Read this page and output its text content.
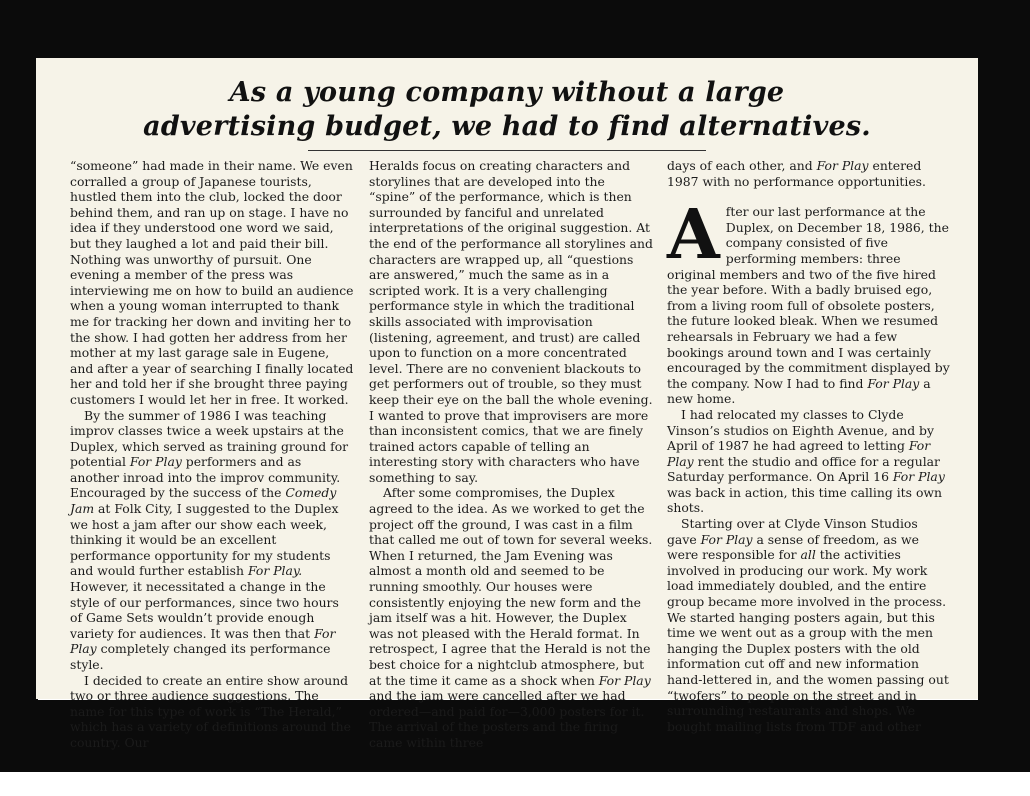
As a young company without a large
advertising budget, we had to find alternatives.

“someone” had made in their name. We even corralled a group of Japanese tourists, hustled them into the club, locked the door behind them, and ran up on stage. I have no idea if they understood one word we said, but they laughed a lot and paid their bill. Nothing was unworthy of pursuit. One evening a member of the press was interviewing me on how to build an audience when a young woman interrupted to thank me for tracking her down and inviting her to the show. I had gotten her address from her mother at my last garage sale in Eugene, and after a year of searching I finally located her and told her if she brought three paying customers I would let her in free. It worked.

By the summer of 1986 I was teaching improv classes twice a week upstairs at the Duplex, which served as training ground for potential For Play performers and as another inroad into the improv community. Encouraged by the success of the Comedy Jam at Folk City, I suggested to the Duplex we host a jam after our show each week, thinking it would be an excellent performance opportunity for my students and would further establish For Play. However, it necessitated a change in the style of our performances, since two hours of Game Sets wouldn’t provide enough variety for audiences. It was then that For Play completely changed its performance style.

I decided to create an entire show around two or three audience suggestions. The name for this type of work is “The Herald,” which has a variety of definitions around the country. Our

Heralds focus on creating characters and storylines that are developed into the “spine” of the performance, which is then surrounded by fanciful and unrelated interpretations of the original suggestion. At the end of the performance all storylines and characters are wrapped up, all “questions are answered,” much the same as in a scripted work. It is a very challenging performance style in which the traditional skills associated with improvisation (listening, agreement, and trust) are called upon to function on a more concentrated level. There are no convenient blackouts to get performers out of trouble, so they must keep their eye on the ball the whole evening. I wanted to prove that improvisers are more than inconsistent comics, that we are finely trained actors capable of telling an interesting story with characters who have something to say.

After some compromises, the Duplex agreed to the idea. As we worked to get the project off the ground, I was cast in a film that called me out of town for several weeks. When I returned, the Jam Evening was almost a month old and seemed to be running smoothly. Our houses were consistently enjoying the new form and the jam itself was a hit. However, the Duplex was not pleased with the Herald format. In retrospect, I agree that the Herald is not the best choice for a nightclub atmosphere, but at the time it came as a shock when For Play and the jam were cancelled after we had ordered—and paid for—3,000 posters for it. The arrival of the posters and the firing came within three

days of each other, and For Play entered 1987 with no performance opportunities.

After our last performance at the Duplex, on December 18, 1986, the company consisted of five performing members: three original members and two of the five hired the year before. With a badly bruised ego, from a living room full of obsolete posters, the future looked bleak. When we resumed rehearsals in February we had a few bookings around town and I was certainly encouraged by the commitment displayed by the company. Now I had to find For Play a new home.

I had relocated my classes to Clyde Vinson’s studios on Eighth Avenue, and by April of 1987 he had agreed to letting For Play rent the studio and office for a regular Saturday performance. On April 16 For Play was back in action, this time calling its own shots.

Starting over at Clyde Vinson Studios gave For Play a sense of freedom, as we were responsible for all the activities involved in producing our work. My work load immediately doubled, and the entire group became more involved in the process. We started hanging posters again, but this time we went out as a group with the men hanging the Duplex posters with the old information cut off and new information hand-lettered in, and the women passing out “twofers” to people on the street and in surrounding restaurants and shops. We bought mailing lists from TDF and other
